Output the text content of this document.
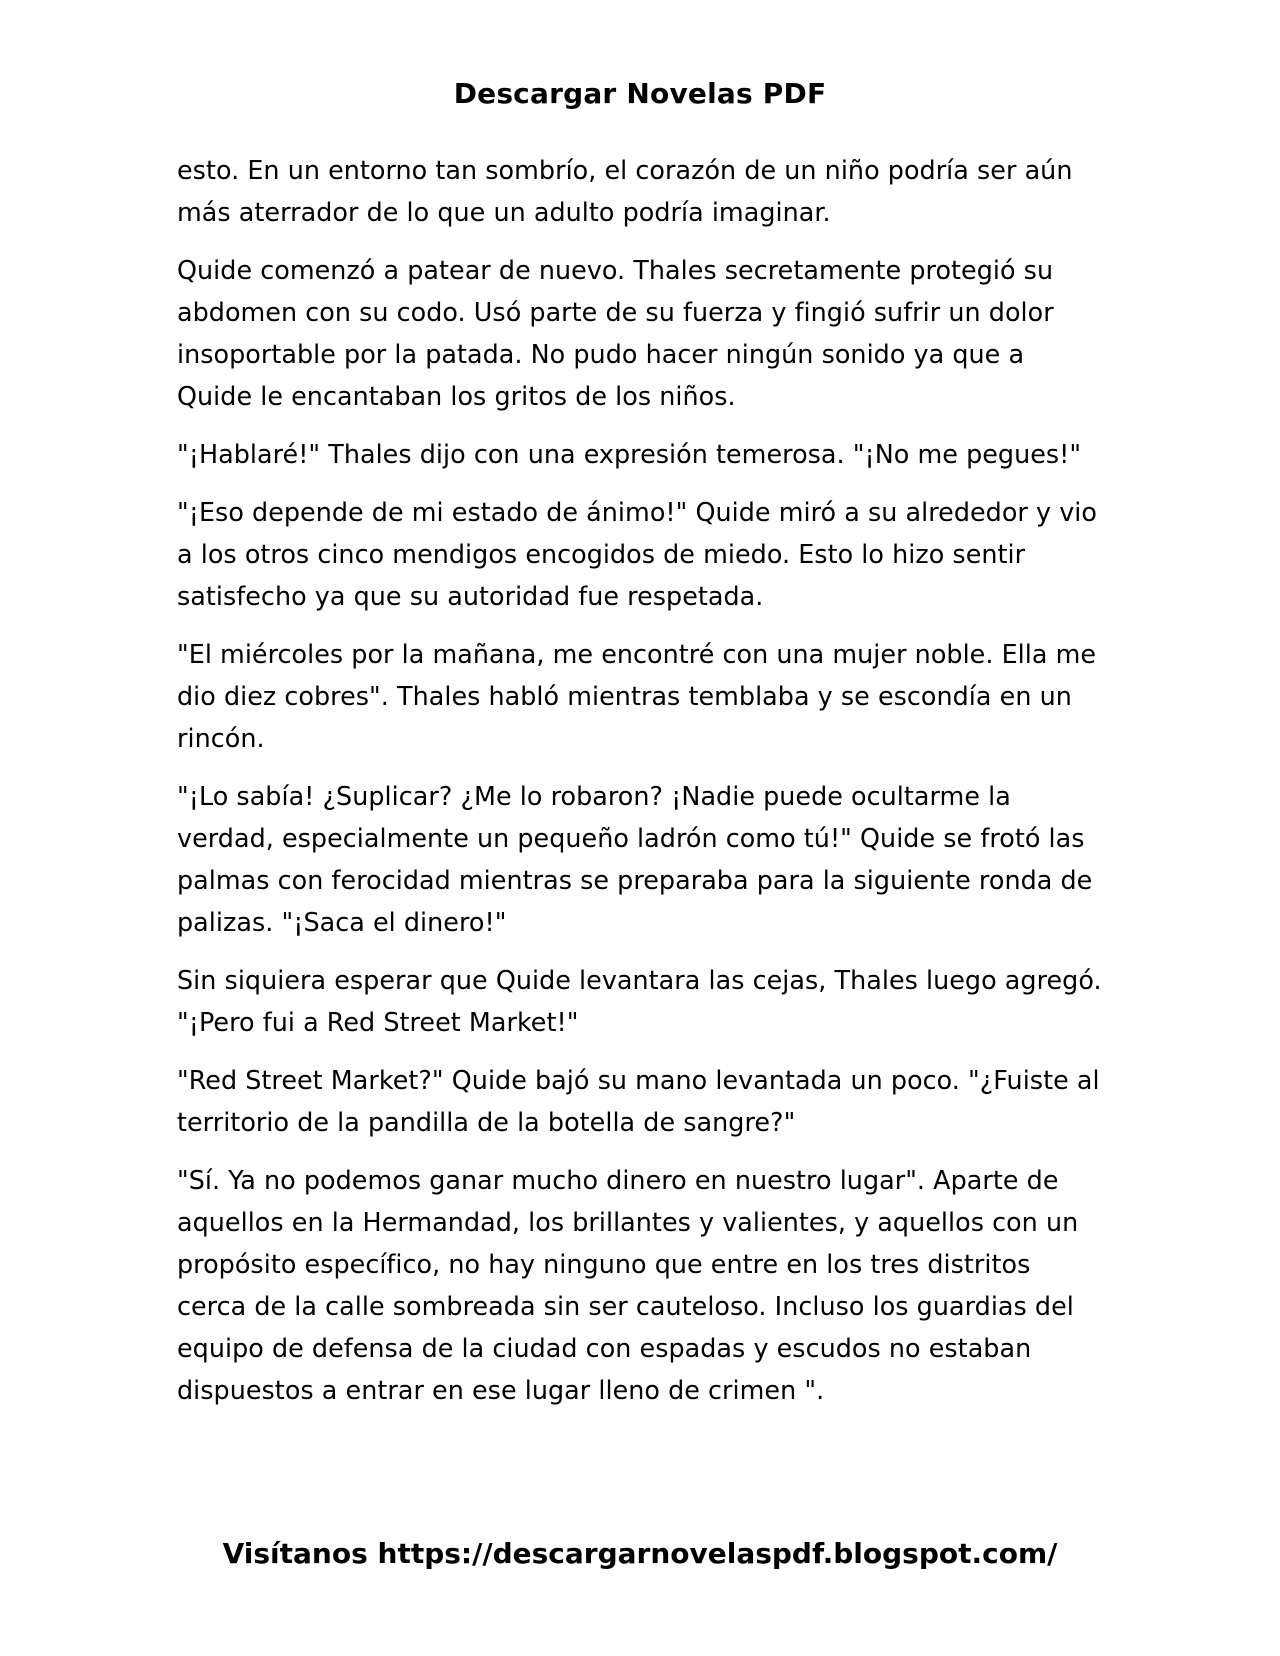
Descargar Novelas PDF

esto. En un entorno tan sombrío, el corazón de un niño podría ser aún más aterrador de lo que un adulto podría imaginar.

Quide comenzó a patear de nuevo. Thales secretamente protegió su abdomen con su codo. Usó parte de su fuerza y fingió sufrir un dolor insoportable por la patada. No pudo hacer ningún sonido ya que a Quide le encantaban los gritos de los niños.

"¡Hablaré!" Thales dijo con una expresión temerosa. "¡No me pegues!"

"¡Eso depende de mi estado de ánimo!" Quide miró a su alrededor y vio a los otros cinco mendigos encogidos de miedo. Esto lo hizo sentir satisfecho ya que su autoridad fue respetada.

"El miércoles por la mañana, me encontré con una mujer noble. Ella me dio diez cobres". Thales habló mientras temblaba y se escondía en un rincón.

"¡Lo sabía! ¿Suplicar? ¿Me lo robaron? ¡Nadie puede ocultarme la verdad, especialmente un pequeño ladrón como tú!" Quide se frotó las palmas con ferocidad mientras se preparaba para la siguiente ronda de palizas. "¡Saca el dinero!"

Sin siquiera esperar que Quide levantara las cejas, Thales luego agregó. "¡Pero fui a Red Street Market!"

"Red Street Market?" Quide bajó su mano levantada un poco. "¿Fuiste al territorio de la pandilla de la botella de sangre?"

"Sí. Ya no podemos ganar mucho dinero en nuestro lugar". Aparte de aquellos en la Hermandad, los brillantes y valientes, y aquellos con un propósito específico, no hay ninguno que entre en los tres distritos cerca de la calle sombreada sin ser cauteloso. Incluso los guardias del equipo de defensa de la ciudad con espadas y escudos no estaban dispuestos a entrar en ese lugar lleno de crimen ".

Visítanos https://descargarnovelaspdf.blogspot.com/
